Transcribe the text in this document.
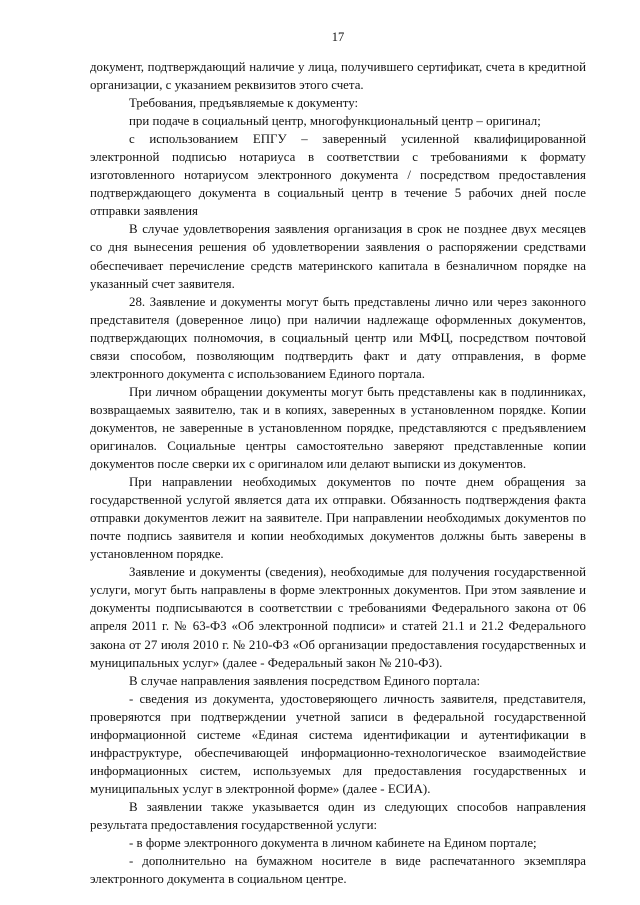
17

документ, подтверждающий наличие у лица, получившего сертификат, счета в кредитной организации, с указанием реквизитов этого счета.

Требования, предъявляемые к документу:

при подаче в социальный центр, многофункциональный центр – оригинал;

с использованием ЕПГУ – заверенный усиленной квалифицированной электронной подписью нотариуса в соответствии с требованиями к формату изготовленного нотариусом электронного документа / посредством предоставления подтверждающего документа в социальный центр в течение 5 рабочих дней после отправки заявления

В случае удовлетворения заявления организация в срок не позднее двух месяцев со дня вынесения решения об удовлетворении заявления о распоряжении средствами обеспечивает перечисление средств материнского капитала в безналичном порядке на указанный счет заявителя.

28. Заявление и документы могут быть представлены лично или через законного представителя (доверенное лицо) при наличии надлежаще оформленных документов, подтверждающих полномочия, в социальный центр или МФЦ, посредством почтовой связи способом, позволяющим подтвердить факт и дату отправления, в форме электронного документа с использованием Единого портала.

При личном обращении документы могут быть представлены как в подлинниках, возвращаемых заявителю, так и в копиях, заверенных в установленном порядке. Копии документов, не заверенные в установленном порядке, представляются с предъявлением оригиналов. Социальные центры самостоятельно заверяют представленные копии документов после сверки их с оригиналом или делают выписки из документов.

При направлении необходимых документов по почте днем обращения за государственной услугой является дата их отправки. Обязанность подтверждения факта отправки документов лежит на заявителе. При направлении необходимых документов по почте подпись заявителя и копии необходимых документов должны быть заверены в установленном порядке.

Заявление и документы (сведения), необходимые для получения государственной услуги, могут быть направлены в форме электронных документов. При этом заявление и документы подписываются в соответствии с требованиями Федерального закона от 06 апреля 2011 г. № 63-ФЗ «Об электронной подписи» и статей 21.1 и 21.2 Федерального закона от 27 июля 2010 г. № 210-ФЗ «Об организации предоставления государственных и муниципальных услуг» (далее - Федеральный закон № 210-ФЗ).

В случае направления заявления посредством Единого портала:

- сведения из документа, удостоверяющего личность заявителя, представителя, проверяются при подтверждении учетной записи в федеральной государственной информационной системе «Единая система идентификации и аутентификации в инфраструктуре, обеспечивающей информационно-технологическое взаимодействие информационных систем, используемых для предоставления государственных и муниципальных услуг в электронной форме» (далее - ЕСИА).

В заявлении также указывается один из следующих способов направления результата предоставления государственной услуги:

- в форме электронного документа в личном кабинете на Едином портале;

- дополнительно на бумажном носителе в виде распечатанного экземпляра электронного документа в социальном центре.
